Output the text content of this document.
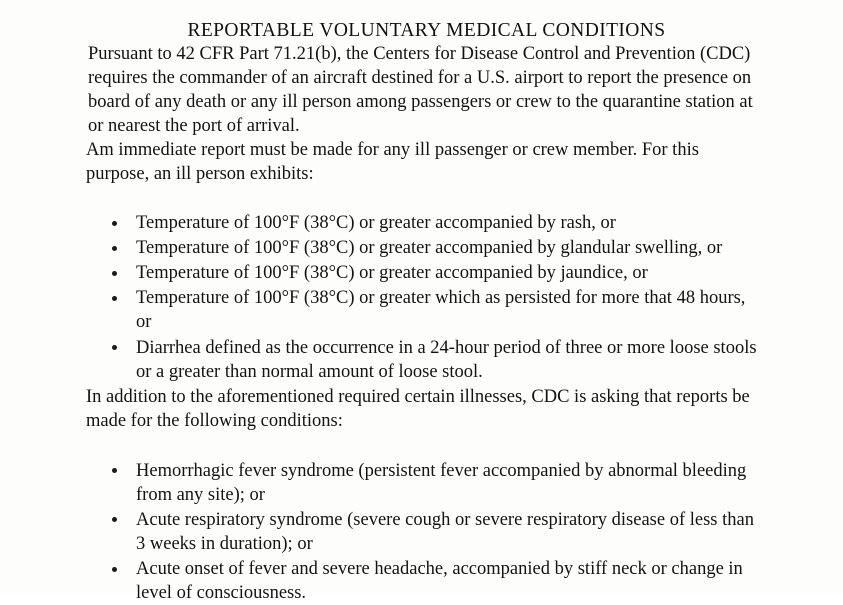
REPORTABLE VOLUNTARY MEDICAL CONDITIONS

Pursuant to 42 CFR Part 71.21(b), the Centers for Disease Control and Prevention (CDC) requires the commander of an aircraft destined for a U.S. airport to report the presence on board of any death or any ill person among passengers or crew to the quarantine station at or nearest the port of arrival.

Am immediate report must be made for any ill passenger or crew member. For this purpose, an ill person exhibits:

Temperature of 100°F (38°C) or greater accompanied by rash, or
Temperature of 100°F (38°C) or greater accompanied by glandular swelling, or
Temperature of 100°F (38°C) or greater accompanied by jaundice, or
Temperature of 100°F (38°C) or greater which as persisted for more that 48 hours, or
Diarrhea defined as the occurrence in a 24-hour period of three or more loose stools or a greater than normal amount of loose stool.

In addition to the aforementioned required certain illnesses, CDC is asking that reports be made for the following conditions:

Hemorrhagic fever syndrome (persistent fever accompanied by abnormal bleeding from any site); or
Acute respiratory syndrome (severe cough or severe respiratory disease of less than 3 weeks in duration); or
Acute onset of fever and severe headache, accompanied by stiff neck or change in level of consciousness.
